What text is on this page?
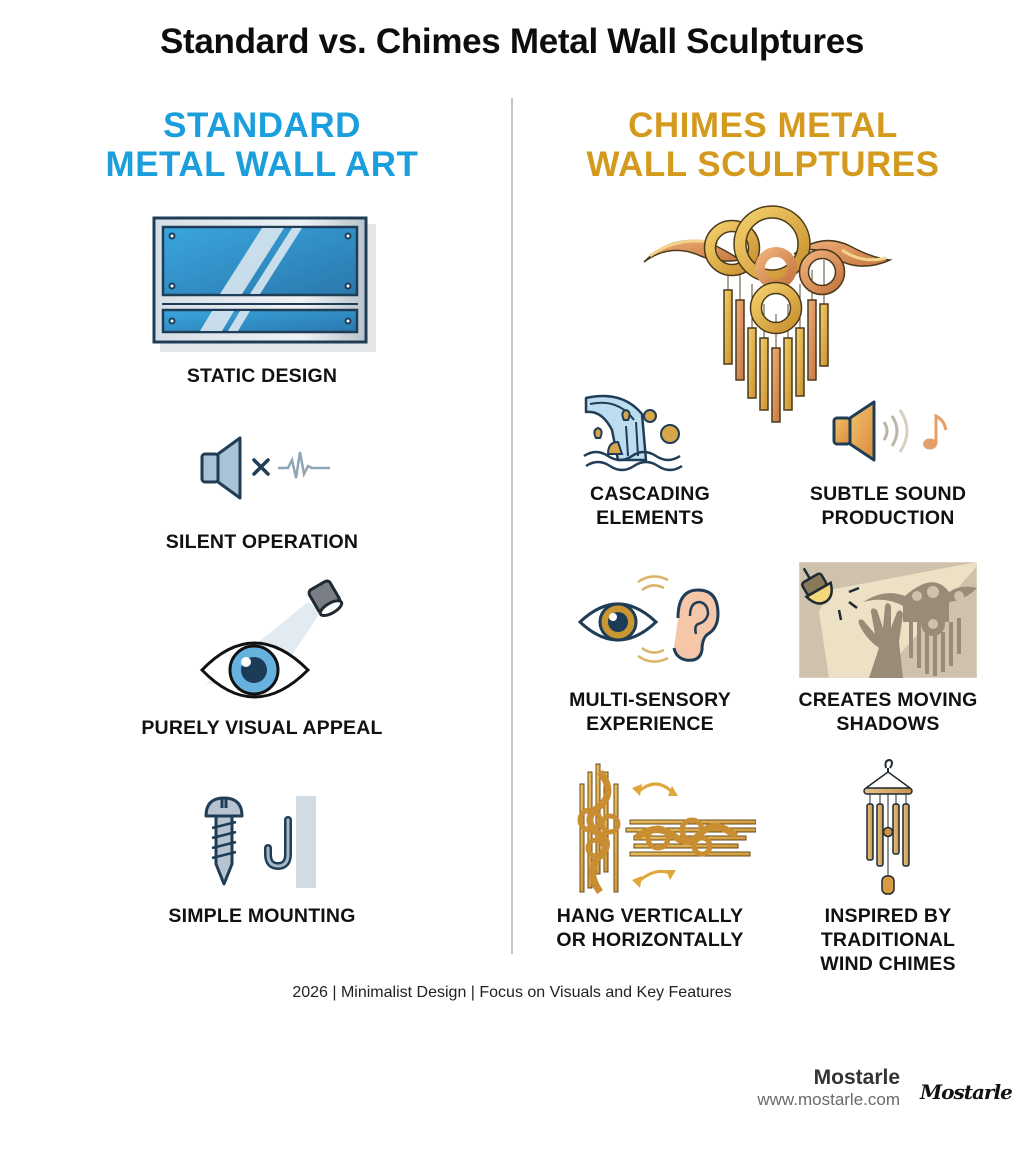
Standard vs. Chimes Metal Wall Sculptures
STANDARD
METAL WALL ART
CHIMES METAL
WALL SCULPTURES
STATIC DESIGN
SILENT OPERATION
PURELY VISUAL APPEAL
SIMPLE MOUNTING
CASCADING
ELEMENTS
SUBTLE SOUND
PRODUCTION
MULTI-SENSORY
EXPERIENCE
CREATES MOVING
SHADOWS
HANG VERTICALLY
OR HORIZONTALLY
INSPIRED BY
TRADITIONAL
WIND CHIMES
2026 | Minimalist Design | Focus on Visuals and Key Features
Mostarle
www.mostarle.com Mostarle
